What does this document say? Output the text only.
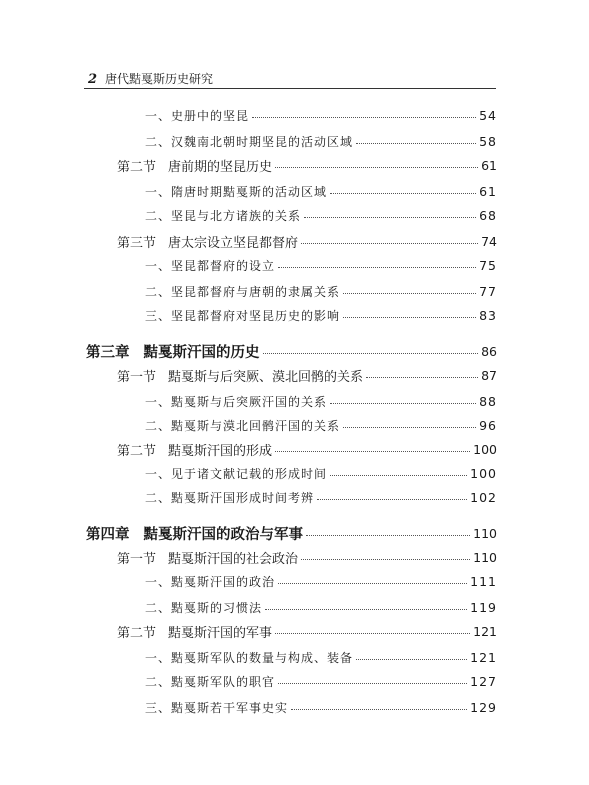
2 唐代黠戛斯历史研究
一、史册中的坚昆	54
二、汉魏南北朝时期坚昆的活动区域	58
第二节 唐前期的坚昆历史	61
一、隋唐时期黠戛斯的活动区域	61
二、坚昆与北方诸族的关系	68
第三节 唐太宗设立坚昆都督府	74
一、坚昆都督府的设立	75
二、坚昆都督府与唐朝的隶属关系	77
三、坚昆都督府对坚昆历史的影响	83
第三章 黠戛斯汗国的历史	86
第一节 黠戛斯与后突厥、漠北回鹘的关系	87
一、黠戛斯与后突厥汗国的关系	88
二、黠戛斯与漠北回鹘汗国的关系	96
第二节 黠戛斯汗国的形成	100
一、见于诸文献记载的形成时间	100
二、黠戛斯汗国形成时间考辨	102
第四章 黠戛斯汗国的政治与军事	110
第一节 黠戛斯汗国的社会政治	110
一、黠戛斯汗国的政治	111
二、黠戛斯的习惯法	119
第二节 黠戛斯汗国的军事	121
一、黠戛斯军队的数量与构成、装备	121
二、黠戛斯军队的职官	127
三、黠戛斯若干军事史实	129
